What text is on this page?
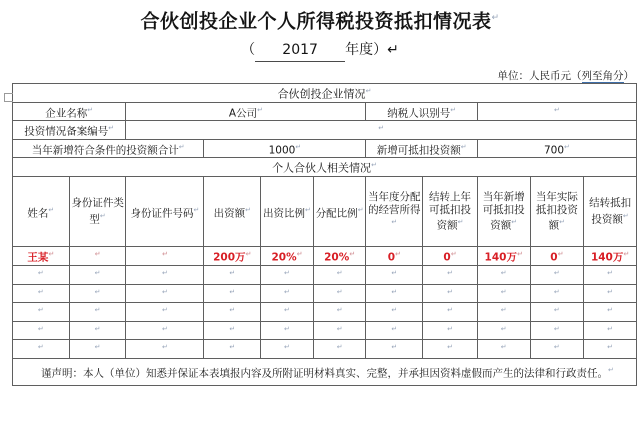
合伙创投企业个人所得税投资抵扣情况表↵
（ 2017 年度）↵
单位：人民币元（列至角分）
合伙创投企业情况↵
企业名称↵		A公司↵				纳税人识别号↵		↵
投资情况备案编号↵		↵
当年新增符合条件的投资额合计↵			1000↵			新增可抵扣投资额↵		700↵
个人合伙人相关情况↵
姓名↵	身份证件类型↵	身份证件号码↵	出资额↵	出资比例↵	分配比例↵	当年度分配的经营所得↵	结转上年可抵扣投资额↵	当年新增可抵扣投资额↵	当年实际抵扣投资额↵	结转抵扣投资额↵
王某↵	↵	↵	200万↵	20%↵	20%↵	0↵	0↵	140万↵	0↵	140万↵
↵	↵	↵	↵	↵	↵	↵	↵	↵	↵	↵
↵	↵	↵	↵	↵	↵	↵	↵	↵	↵	↵
↵	↵	↵	↵	↵	↵	↵	↵	↵	↵	↵
↵	↵	↵	↵	↵	↵	↵	↵	↵	↵	↵
↵	↵	↵	↵	↵	↵	↵	↵	↵	↵	↵
谨声明：本人（单位）知悉并保证本表填报内容及所附证明材料真实、完整，并承担因资料虚假而产生的法律和行政责任。↵
